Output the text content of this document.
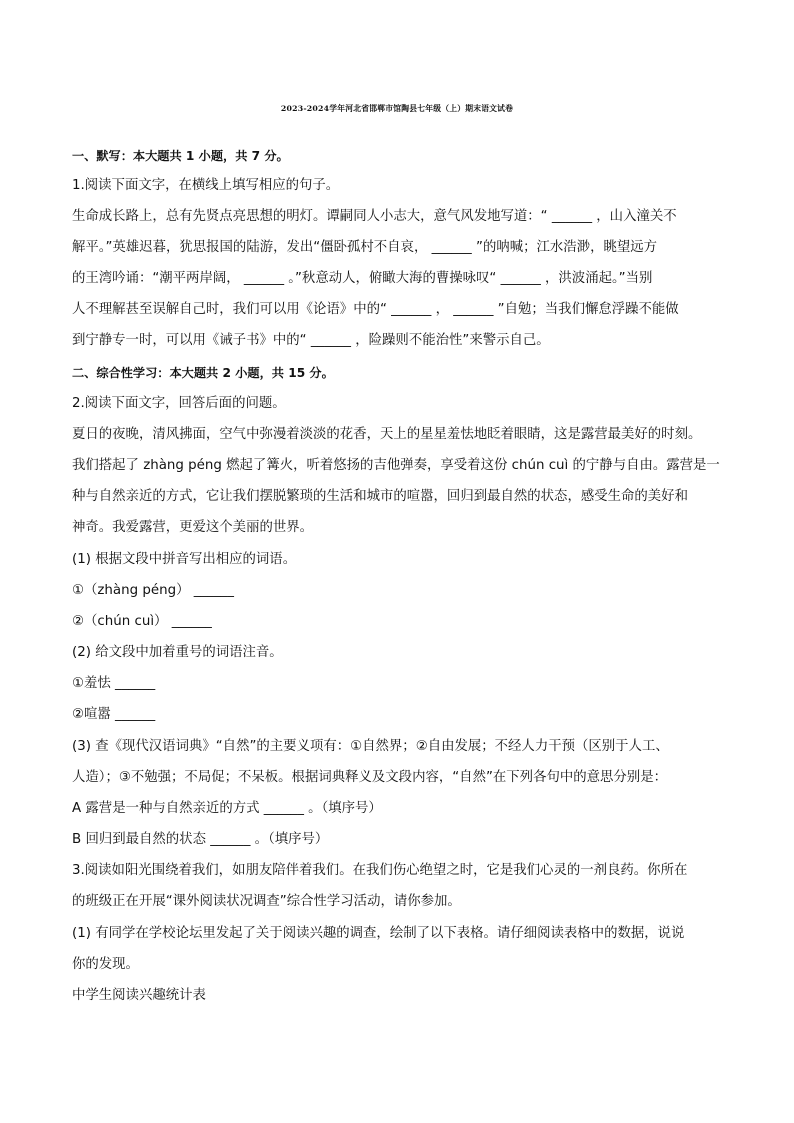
2023-2024学年河北省邯郸市馆陶县七年级（上）期末语文试卷
一、默写：本大题共 1 小题，共 7 分。
1.阅读下面文字，在横线上填写相应的句子。
生命成长路上，总有先贤点亮思想的明灯。谭嗣同人小志大，意气风发地写道：“ ______ ，山入潼关不
解平。”英雄迟暮，犹思报国的陆游，发出“僵卧孤村不自哀， ______ ”的呐喊；江水浩渺，眺望远方
的王湾吟诵：“潮平两岸阔， ______ 。”秋意动人，俯瞰大海的曹操咏叹“ ______ ，洪波涌起。”当别
人不理解甚至误解自己时，我们可以用《论语》中的“ ______ ， ______ ”自勉；当我们懈怠浮躁不能做
到宁静专一时，可以用《诫子书》中的“ ______ ，险躁则不能治性”来警示自己。
二、综合性学习：本大题共 2 小题，共 15 分。
2.阅读下面文字，回答后面的问题。
夏日的夜晚，清风拂面，空气中弥漫着淡淡的花香，天上的星星羞怯地眨着眼睛，这是露营最美好的时刻。
我们搭起了 zhàng péng 燃起了篝火，听着悠扬的吉他弹奏，享受着这份 chún cuì 的宁静与自由。露营是一
种与自然亲近的方式，它让我们摆脱繁琐的生活和城市的喧嚣，回归到最自然的状态，感受生命的美好和
神奇。我爱露营，更爱这个美丽的世界。
(1) 根据文段中拼音写出相应的词语。
①（zhàng péng） ______
②（chún cuì） ______
(2) 给文段中加着重号的词语注音。
①羞怯 ______
②喧嚣 ______
(3) 查《现代汉语词典》“自然”的主要义项有：①自然界；②自由发展；不经人力干预（区别于人工、
人造）；③不勉强；不局促；不呆板。根据词典释义及文段内容，“自然”在下列各句中的意思分别是：
A 露营是一种与自然亲近的方式 ______ 。（填序号）
B 回归到最自然的状态 ______ 。（填序号）
3.阅读如阳光围绕着我们，如朋友陪伴着我们。在我们伤心绝望之时，它是我们心灵的一剂良药。你所在
的班级正在开展“课外阅读状况调查”综合性学习活动，请你参加。
(1) 有同学在学校论坛里发起了关于阅读兴趣的调查，绘制了以下表格。请仔细阅读表格中的数据，说说
你的发现。
中学生阅读兴趣统计表
